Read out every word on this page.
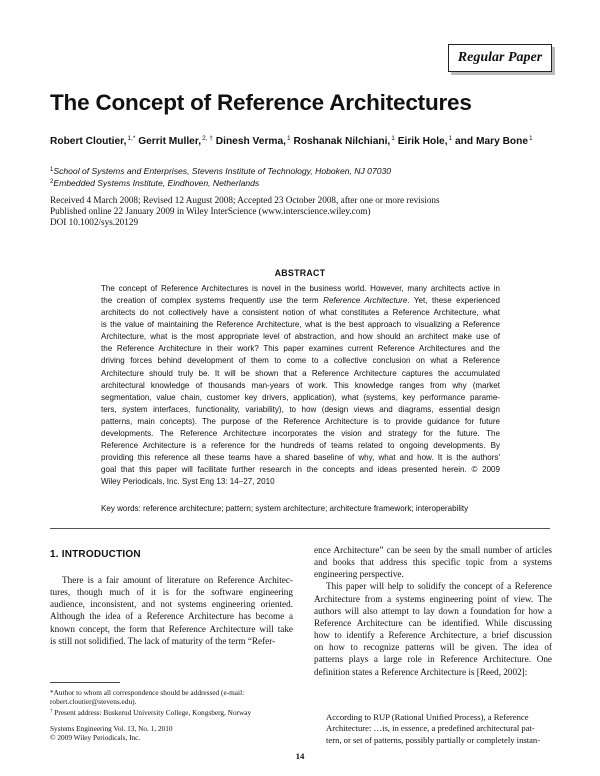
Regular Paper
The Concept of Reference Architectures
Robert Cloutier,$^{1,*}$ Gerrit Muller,$^{2, \dagger}$ Dinesh Verma,$^1$ Roshanak Nilchiani,$^1$ Eirik Hole,$^1$ and Mary Bone$^1$
$^1$School of Systems and Enterprises, Stevens Institute of Technology, Hoboken, NJ 07030
$^2$Embedded Systems Institute, Eindhoven, Netherlands
Received 4 March 2008; Revised 12 August 2008; Accepted 23 October 2008, after one or more revisions
Published online 22 January 2009 in Wiley InterScience (www.interscience.wiley.com)
DOI 10.1002/sys.20129
ABSTRACT
The concept of Reference Architectures is novel in the business world. However, many architects active in
the creation of complex systems frequently use the term Reference Architecture. Yet, these experienced
architects do not collectively have a consistent notion of what constitutes a Reference Architecture, what
is the value of maintaining the Reference Architecture, what is the best approach to visualizing a Reference
Architecture, what is the most appropriate level of abstraction, and how should an architect make use of
the Reference Architecture in their work? This paper examines current Reference Architectures and the
driving forces behind development of them to come to a collective conclusion on what a Reference
Architecture should truly be. It will be shown that a Reference Architecture captures the accumulated
architectural knowledge of thousands man-years of work. This knowledge ranges from why (market
segmentation, value chain, customer key drivers, application), what (systems, key performance parame-
ters, system interfaces, functionality, variability), to how (design views and diagrams, essential design
patterns, main concepts). The purpose of the Reference Architecture is to provide guidance for future
developments. The Reference Architecture incorporates the vision and strategy for the future. The
Reference Architecture is a reference for the hundreds of teams related to ongoing developments. By
providing this reference all these teams have a shared baseline of why, what and how. It is the authors'
goal that this paper will facilitate further research in the concepts and ideas presented herein. © 2009
Wiley Periodicals, Inc. Syst Eng 13: 14–27, 2010
Key words: reference architecture; pattern; system architecture; architecture framework; interoperability
1. INTRODUCTION
There is a fair amount of literature on Reference Architec-
tures, though much of it is for the software engineering
audience, inconsistent, and not systems engineering oriented.
Although the idea of a Reference Architecture has become a
known concept, the form that Reference Architecture will take
is still not solidified. The lack of maturity of the term “Refer-
*Author to whom all correspondence should be addressed (e-mail:
robert.cloutier@stevens.edu).
† Present address: Buskerud University College, Kongsberg, Norway
Systems Engineering Vol. 13, No. 1, 2010
© 2009 Wiley Periodicals, Inc.
ence Architecture” can be seen by the small number of articles
and books that address this specific topic from a systems
engineering perspective.
This paper will help to solidify the concept of a Reference
Architecture from a systems engineering point of view. The
authors will also attempt to lay down a foundation for how a
Reference Architecture can be identified. While discussing
how to identify a Reference Architecture, a brief discussion
on how to recognize patterns will be given. The idea of
patterns plays a large role in Reference Architecture. One
definition states a Reference Architecture is [Reed, 2002]:
According to RUP (Rational Unified Process), a Reference
Architecture: …is, in essence, a predefined architectural pat-
tern, or set of patterns, possibly partially or completely instan-
14
